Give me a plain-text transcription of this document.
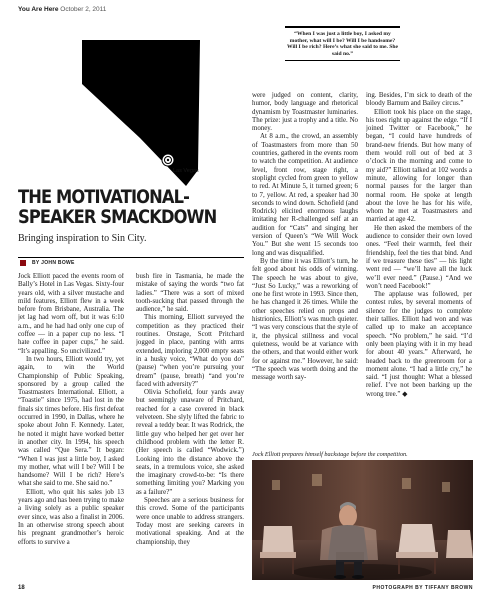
You Are Here October 2, 2011
“When I was just a little boy, I asked my mother, what will I be? Will I be handsome? Will I be rich? Here’s what she said to me. She said no.”
Las Vegas
THE MOTIVATIONAL-SPEAKER SMACKDOWN
Bringing inspiration to Sin City.
BY JOHN BOWE

Jock Elliott paced the events room of Bally’s Hotel in Las Vegas. Sixty-four years old, with a silver mustache and mild features, Elliott flew in a week before from Brisbane, Australia. The jet lag had worn off, but it was 6:10 a.m., and he had had only one cup of coffee — in a paper cup no less. “I hate coffee in paper cups,” he said. “It’s appalling. So uncivilized.”

In two hours, Elliott would try, yet again, to win the World Championship of Public Speaking, sponsored by a group called the Toastmasters International. Elliott, a “Toastie” since 1975, had lost in the finals six times before. His first defeat occurred in 1990, in Dallas, where he spoke about John F. Kennedy. Later, he noted it might have worked better in another city. In 1994, his speech was called “Que Sera.” It began: “When I was just a little boy, I asked my mother, what will I be? Will I be handsome? Will I be rich? Here’s what she said to me. She said no.”

Elliott, who quit his sales job 13 years ago and has been trying to make a living solely as a public speaker ever since, was also a finalist in 2006. In an otherwise strong speech about his pregnant grandmother’s heroic efforts to survive a

bush fire in Tasmania, he made the mistake of saying the words “two fat ladies.” “There was a sort of mixed tooth-sucking that passed through the audience,” he said.

This morning, Elliott surveyed the competition as they practiced their routines. Onstage, Scott Pritchard jogged in place, panting with arms extended, imploring 2,000 empty seats in a husky voice, “What do you do” (pause) “when you’re pursuing your dream” (pause, breath) “and you’re faced with adversity?”

Olivia Schofield, four yards away but seemingly unaware of Pritchard, reached for a case covered in black velveteen. She slyly lifted the fabric to reveal a teddy bear. It was Rodrick, the little guy who helped her get over her childhood problem with the letter R. (Her speech is called “Wodwick.”) Looking into the distance above the seats, in a tremulous voice, she asked the imaginary crowd-to-be: “Is there something limiting you? Marking you as a failure?”

Speeches are a serious business for this crowd. Some of the participants were once unable to address strangers. Today most are seeking careers in motivational speaking. And at the championship, they

were judged on content, clarity, humor, body language and rhetorical dynamism by Toastmaster luminaries. The prize: just a trophy and a title. No money.

At 8 a.m., the crowd, an assembly of Toastmasters from more than 50 countries, gathered in the events room to watch the competition. At audience level, front row, stage right, a stoplight cycled from green to yellow to red. At Minute 5, it turned green; 6 to 7, yellow. At red, a speaker had 30 seconds to wind down. Schofield (and Rodrick) elicited enormous laughs imitating her R-challenged self at an audition for “Cats” and singing her version of Queen’s “We Will Wock You.” But she went 15 seconds too long and was disqualified.

By the time it was Elliott’s turn, he felt good about his odds of winning. The speech he was about to give, “Just So Lucky,” was a reworking of one he first wrote in 1993. Since then, he has changed it 26 times. While the other speeches relied on props and histrionics, Elliott’s was much quieter. “I was very conscious that the style of it, the physical stillness and vocal quietness, would be at variance with the others, and that would either work for or against me.” However, he said: “The speech was worth doing and the message worth say-

ing. Besides, I’m sick to death of the bloody Barnum and Bailey circus.”

Elliott took his place on the stage, his toes right up against the edge. “If I joined Twitter or Facebook,” he began, “I could have hundreds of brand-new friends. But how many of them would roll out of bed at 3 o’clock in the morning and come to my aid?” Elliott talked at 102 words a minute, allowing for longer than normal pauses for the larger than normal room. He spoke at length about the love he has for his wife, whom he met at Toastmasters and married at age 42.

He then asked the members of the audience to consider their own loved ones. “Feel their warmth, feel their friendship, feel the ties that bind. And if we treasure these ties” — his light went red — “we’ll have all the luck we’ll ever need.” (Pause.) “And we won’t need Facebook!”

The applause was followed, per contest rules, by several moments of silence for the judges to complete their tallies. Elliott had won and was called up to make an acceptance speech. “No problem,” he said. “I’d only been playing with it in my head for about 40 years.” Afterward, he headed back to the greenroom for a moment alone. “I had a little cry,” he said. “I just thought: What a blessed relief. I’ve not been barking up the wrong tree.” ◆

Jock Elliott prepares himself backstage before the competition.
PHOTOGRAPH BY TIFFANY BROWN
18
